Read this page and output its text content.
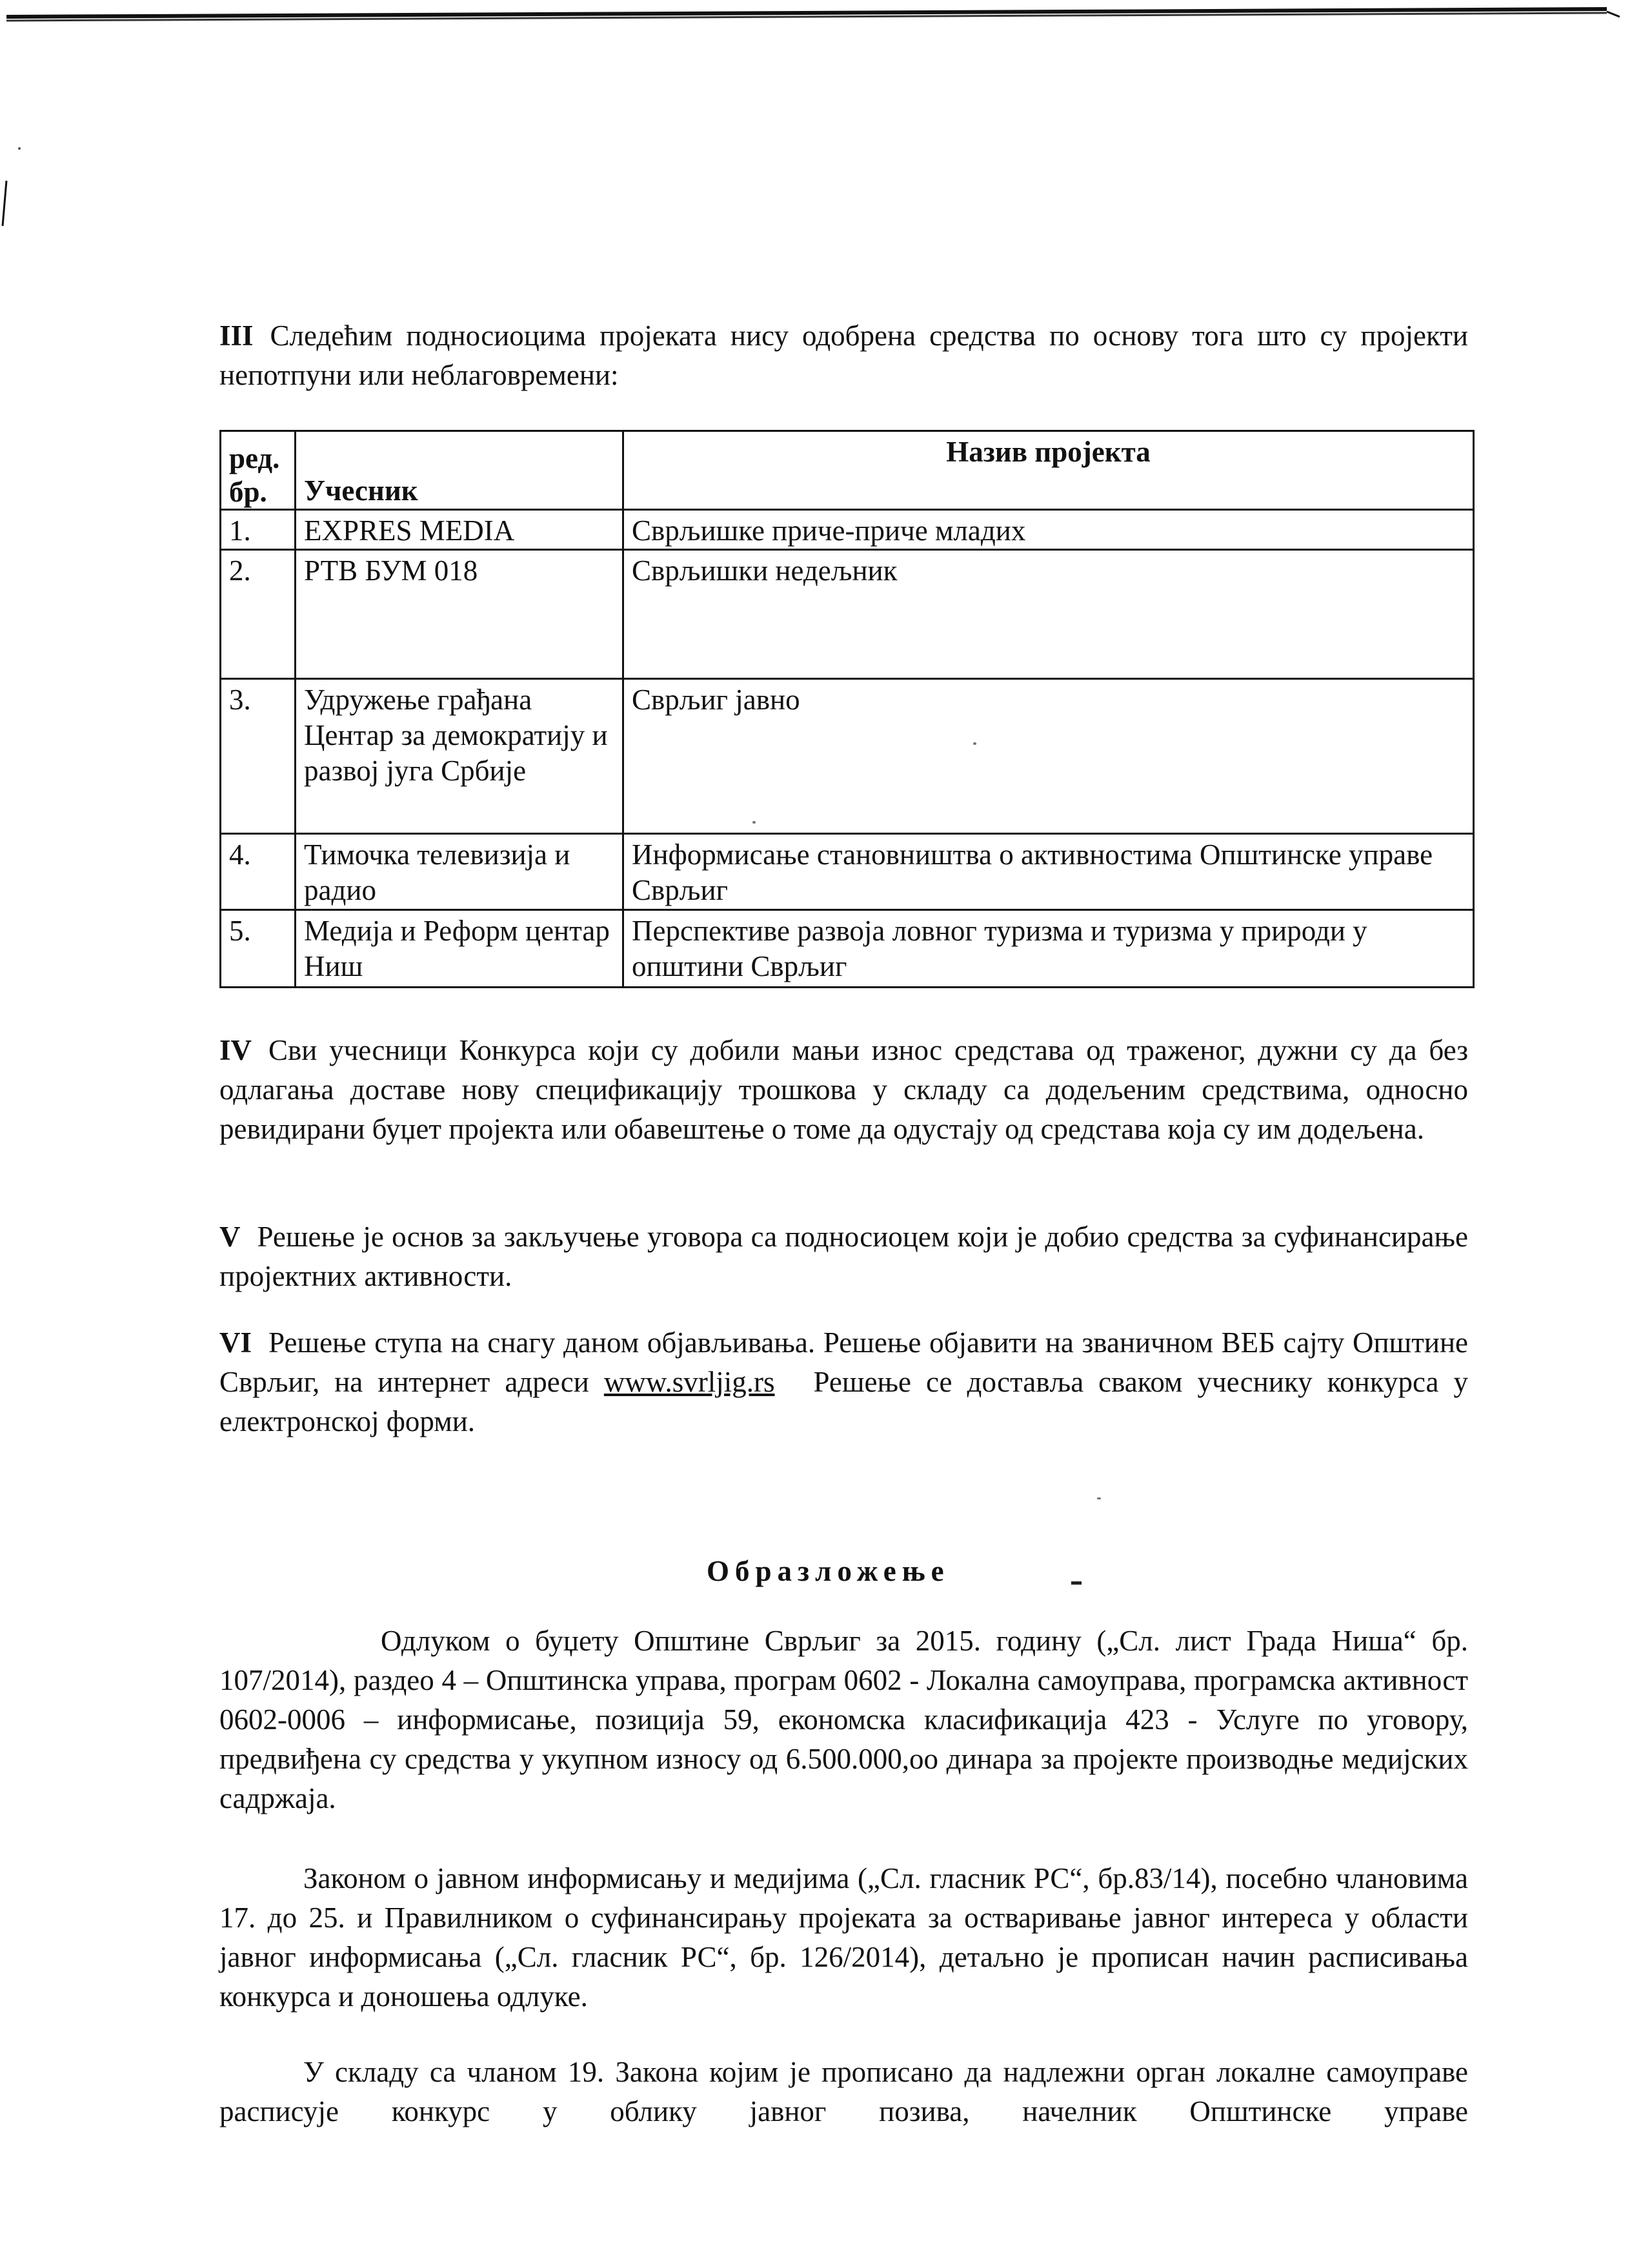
III Следећим подносиоцима пројеката нису одобрена средства по основу тога што су пројекти непотпуни или неблаговремени:
ред. бр.	Учесник	Назив пројекта
1.	EXPRES MEDIA	Сврљишке приче-приче младих
2.	РТВ БУМ 018	Сврљишки недељник
3.	Удружење грађана Центар за демократију и развој југа Србије	Сврљиг јавно
4.	Тимочка телевизија и радио	Информисање становништва о активностима Општинске управе Сврљиг
5.	Медија и Реформ центар Ниш	Перспективе развоја ловног туризма и туризма у природи у општини Сврљиг
IV Сви учесници Конкурса који су добили мањи износ средстава од траженог, дужни су да без одлагања доставе нову спецификацију трошкова у складу са додељеним средствима, односно ревидирани буџет пројекта или обавештење о томе да одустају од средстава која су им додељена.
V Решење је основ за закључење уговора са подносиоцем који је добио средства за суфинансирање пројектних активности.
VI Решење ступа на снагу даном објављивања. Решење објавити на званичном ВЕБ сајту Општине Сврљиг, на интернет адреси www.svrljig.rs Решење се доставља сваком учеснику конкурса у електронској форми.
Образложење
Одлуком о буџету Општине Сврљиг за 2015. годину („Сл. лист Града Ниша“ бр. 107/2014), раздео 4 – Општинска управа, програм 0602 - Локална самоуправа, програмска активност 0602-0006 – информисање, позиција 59, економска класификација 423 - Услуге по уговору, предвиђена су средства у укупном износу од 6.500.000,оо динара за пројекте производње медијских садржаја.
Законом о јавном информисању и медијима („Сл. гласник РС“, бр.83/14), посебно члановима 17. до 25. и Правилником о суфинансирању пројеката за остваривање јавног интереса у области јавног информисања („Сл. гласник РС“, бр. 126/2014), детаљно је прописан начин расписивања конкурса и доношења одлуке.
У складу са чланом 19. Закона којим је прописано да надлежни орган локалне самоуправе расписује конкурс у облику јавног позива, начелник Општинске управе
